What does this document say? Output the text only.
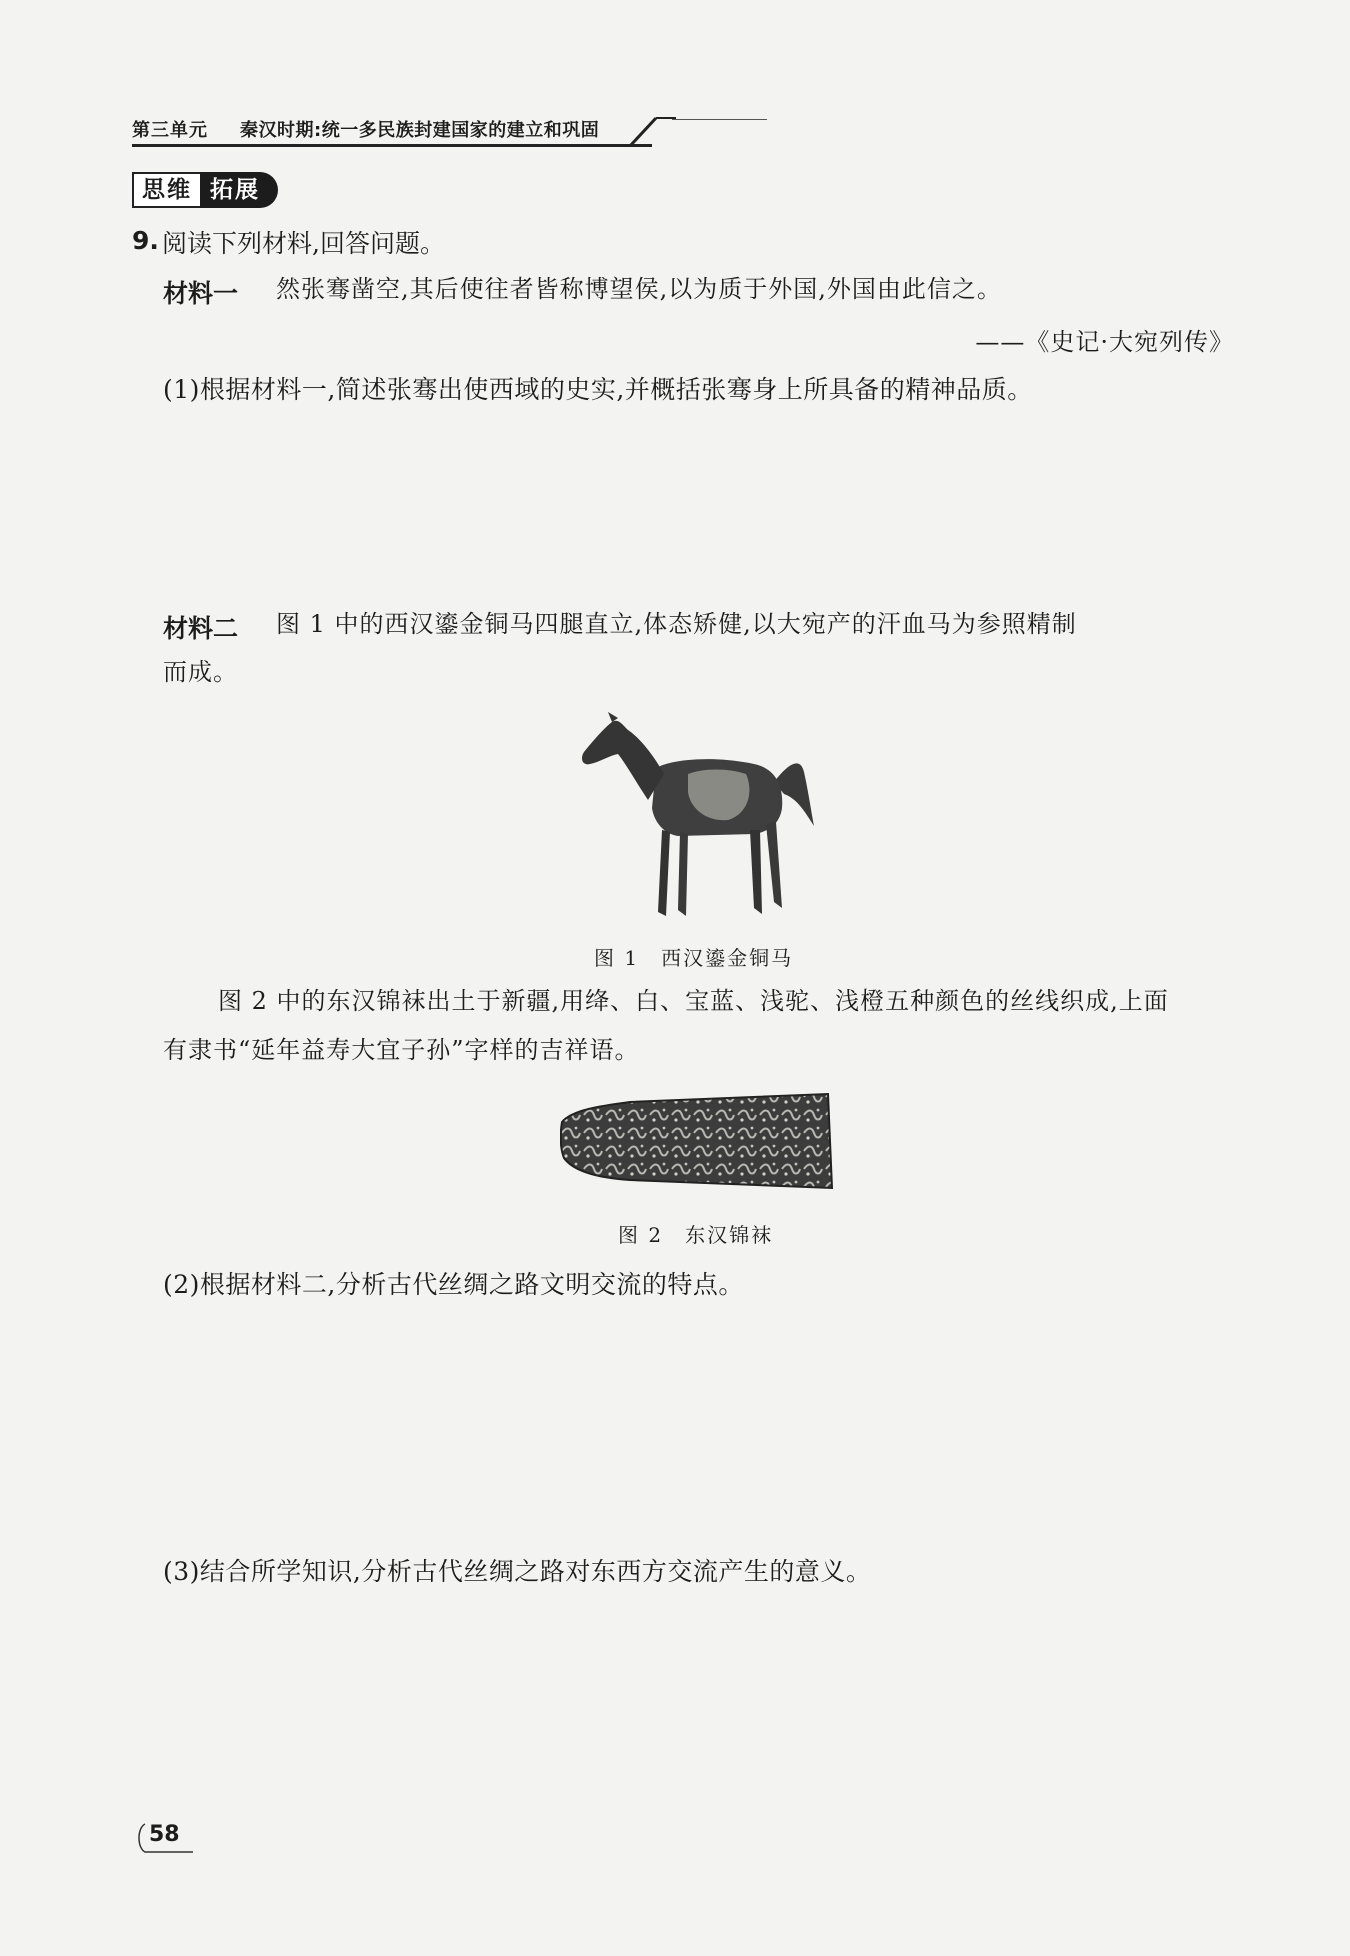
第三单元 秦汉时期:统一多民族封建国家的建立和巩固
思维 拓展
9. 阅读下列材料,回答问题。
材料一 然张骞凿空,其后使往者皆称博望侯,以为质于外国,外国由此信之。
——《史记·大宛列传》
(1)根据材料一,简述张骞出使西域的史实,并概括张骞身上所具备的精神品质。
材料二 图 1 中的西汉鎏金铜马四腿直立,体态矫健,以大宛产的汗血马为参照精制
而成。
图 1　西汉鎏金铜马
图 2 中的东汉锦袜出土于新疆,用绛、白、宝蓝、浅驼、浅橙五种颜色的丝线织成,上面
有隶书“延年益寿大宜子孙”字样的吉祥语。
图 2　东汉锦袜
(2)根据材料二,分析古代丝绸之路文明交流的特点。
(3)结合所学知识,分析古代丝绸之路对东西方交流产生的意义。
58
